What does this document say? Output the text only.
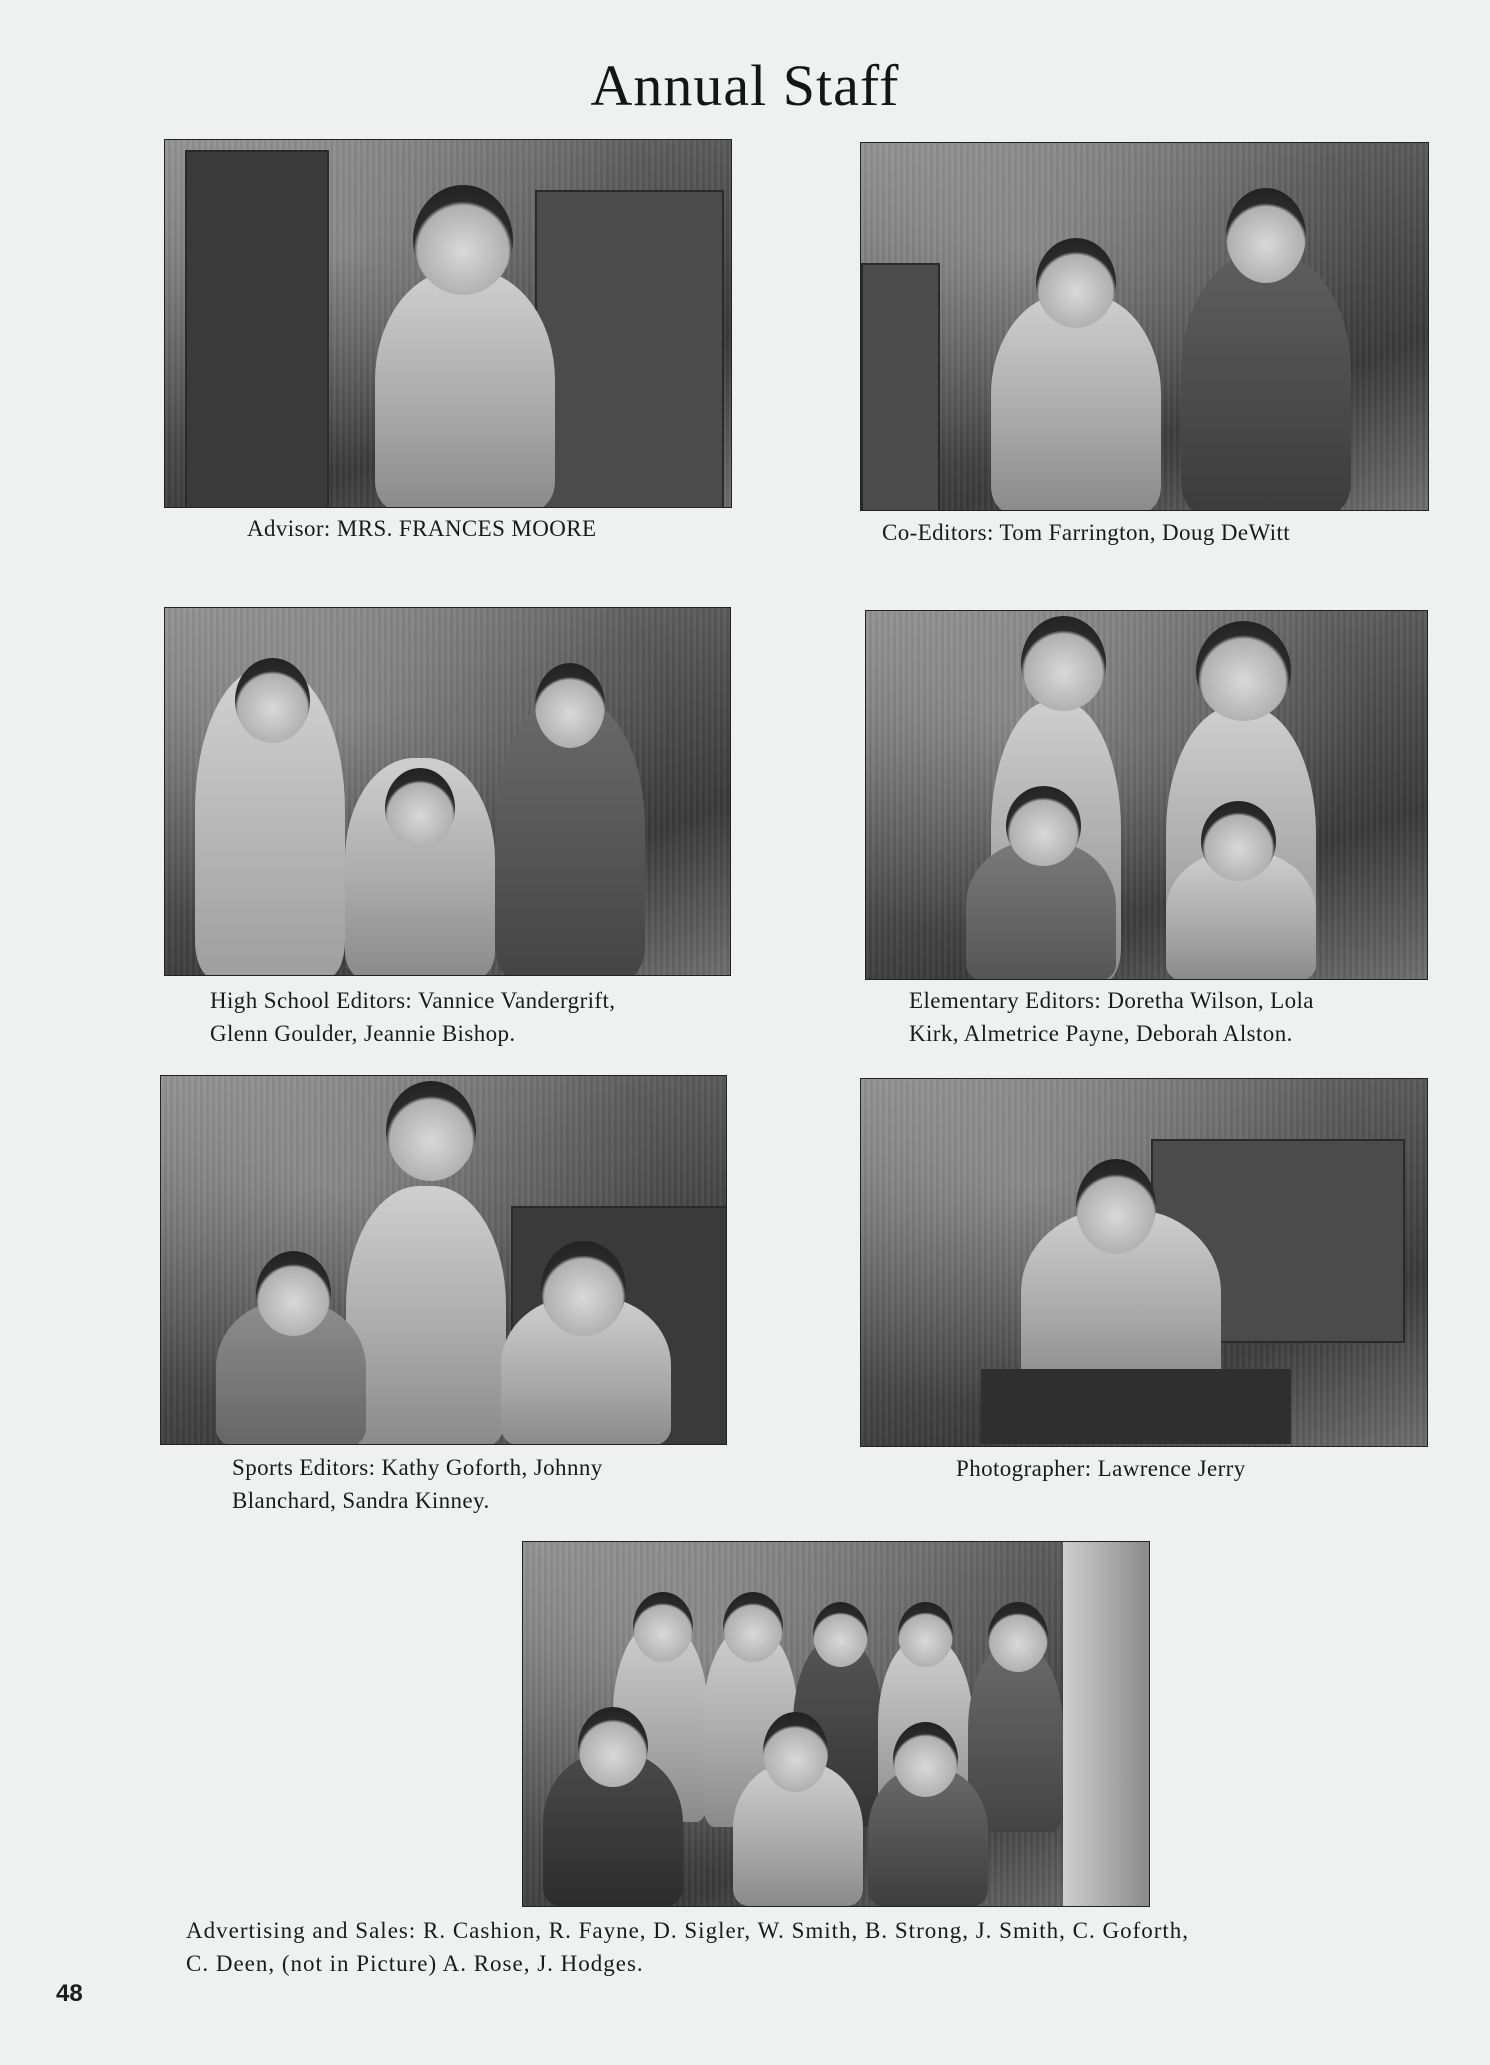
Annual Staff
Advisor: MRS. FRANCES MOORE	Co-Editors: Tom Farrington, Doug DeWitt
High School Editors: Vannice Vandergrift,
Glenn Goulder, Jeannie Bishop.
Elementary Editors: Doretha Wilson, Lola
Kirk, Almetrice Payne, Deborah Alston.
Sports Editors: Kathy Goforth, Johnny
Blanchard, Sandra Kinney.
Photographer: Lawrence Jerry
Advertising and Sales: R. Cashion, R. Fayne, D. Sigler, W. Smith, B. Strong, J. Smith, C. Goforth,
C. Deen, (not in Picture) A. Rose, J. Hodges.
48
